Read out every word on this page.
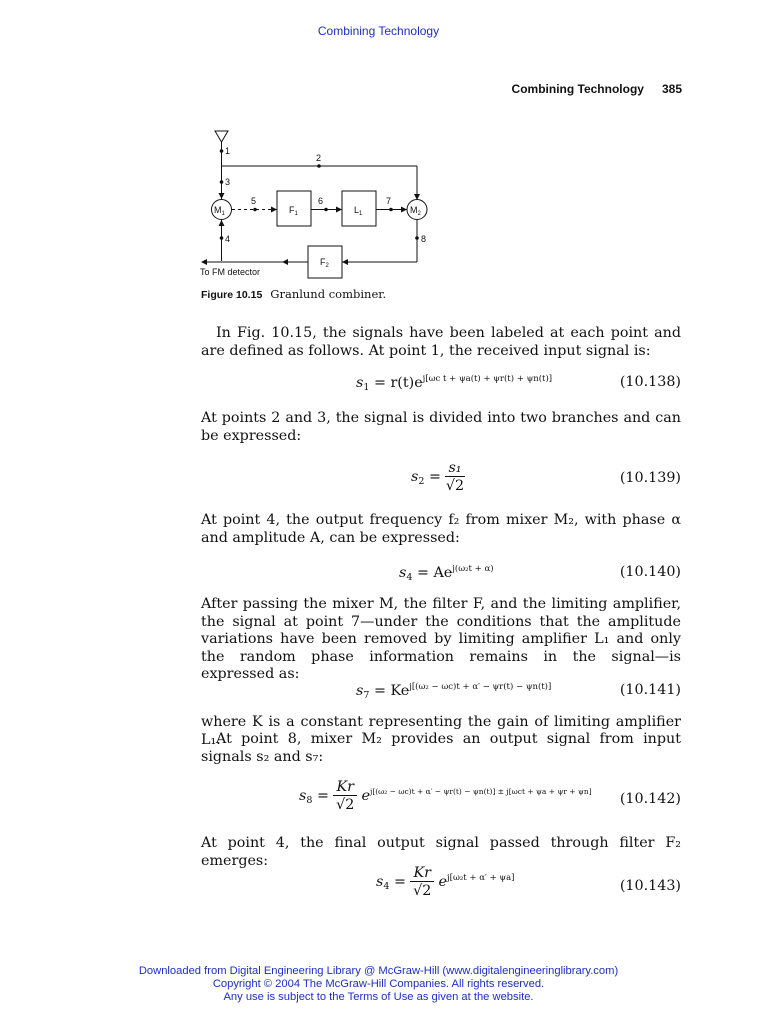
Combining Technology
Combining Technology 385
1
2
3
4
5	6	7
8
$M_1$	$M_2$
$F_1$	$L_1$
$F_2$
To FM detector
Figure 10.15 Granlund combiner.
In Fig. 10.15, the signals have been labeled at each point and are defined as follows. At point 1, the received input signal is:
$s_1 = r(t)e^{j[\omega c t + \psi a(t) + \psi r(t) + \psi n(t)]}$	(10.138)
At points 2 and 3, the signal is divided into two branches and can be expressed:
$s_2 = \frac{\text{s₁}}{√2}$	(10.139)
At point 4, the output frequency f₂ from mixer M₂, with phase α and amplitude A, can be expressed:
$s_4 = Ae^{j(\omega_2t + \alpha)}$	(10.140)
After passing the mixer M, the filter F, and the limiting amplifier, the signal at point 7—under the conditions that the amplitude variations have been removed by limiting amplifier L₁ and only the random phase information remains in the signal—is expressed as:
$s_7 = Ke^{j[(\omega_2 - \omega c)t + \alpha' - \psi r(t) - \psi n(t)]}$	(10.141)
where K is a constant representing the gain of limiting amplifier L₁.
At point 8, mixer M₂ provides an output signal from input signals s₂ and s₇:
$s_8 = \frac{Kr}{√2} e^{j[(\omega_2 - \omega c)t + \alpha' - \psi r(t) - \psi n(t)] \pm j[\omega ct + \psi a + \psi r + \psi n]}$ (10.142)
At point 4, the final output signal passed through filter F₂ emerges:
$s_4 = \frac{Kr}{√2} e^{j[\omega_2t + \alpha' + \psi a]}$	(10.143)
Downloaded from Digital Engineering Library @ McGraw-Hill (www.digitalengineeringlibrary.com)
Copyright © 2004 The McGraw-Hill Companies. All rights reserved.
Any use is subject to the Terms of Use as given at the website.
